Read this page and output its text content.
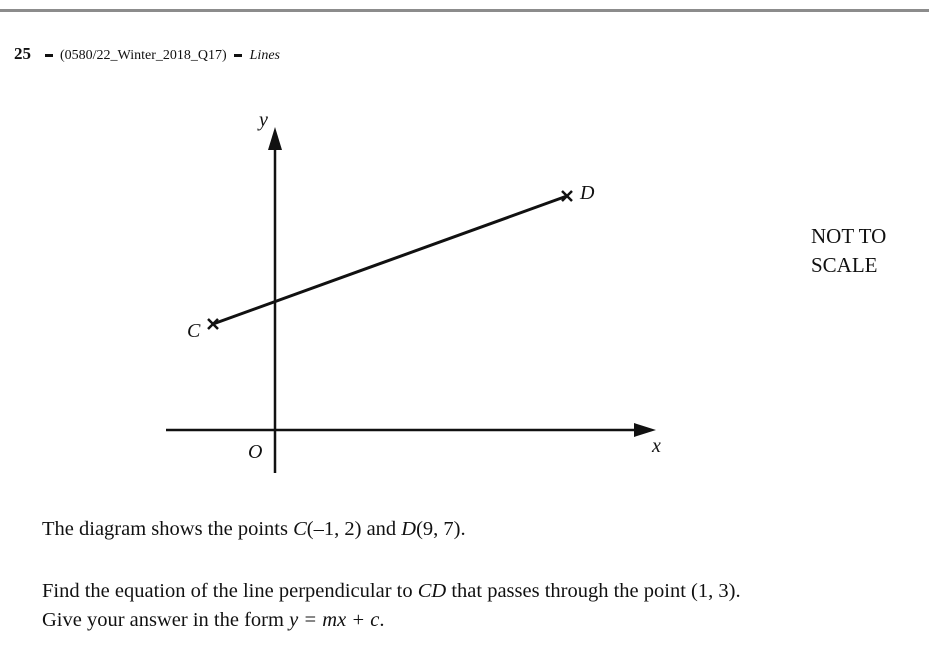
25 (0580/22_Winter_2018_Q17) Lines
y
x
O
C
D
NOT TO
SCALE
The diagram shows the points C(–1, 2) and D(9, 7).
Find the equation of the line perpendicular to CD that passes through the point (1, 3).
Give your answer in the form y = mx + c.
